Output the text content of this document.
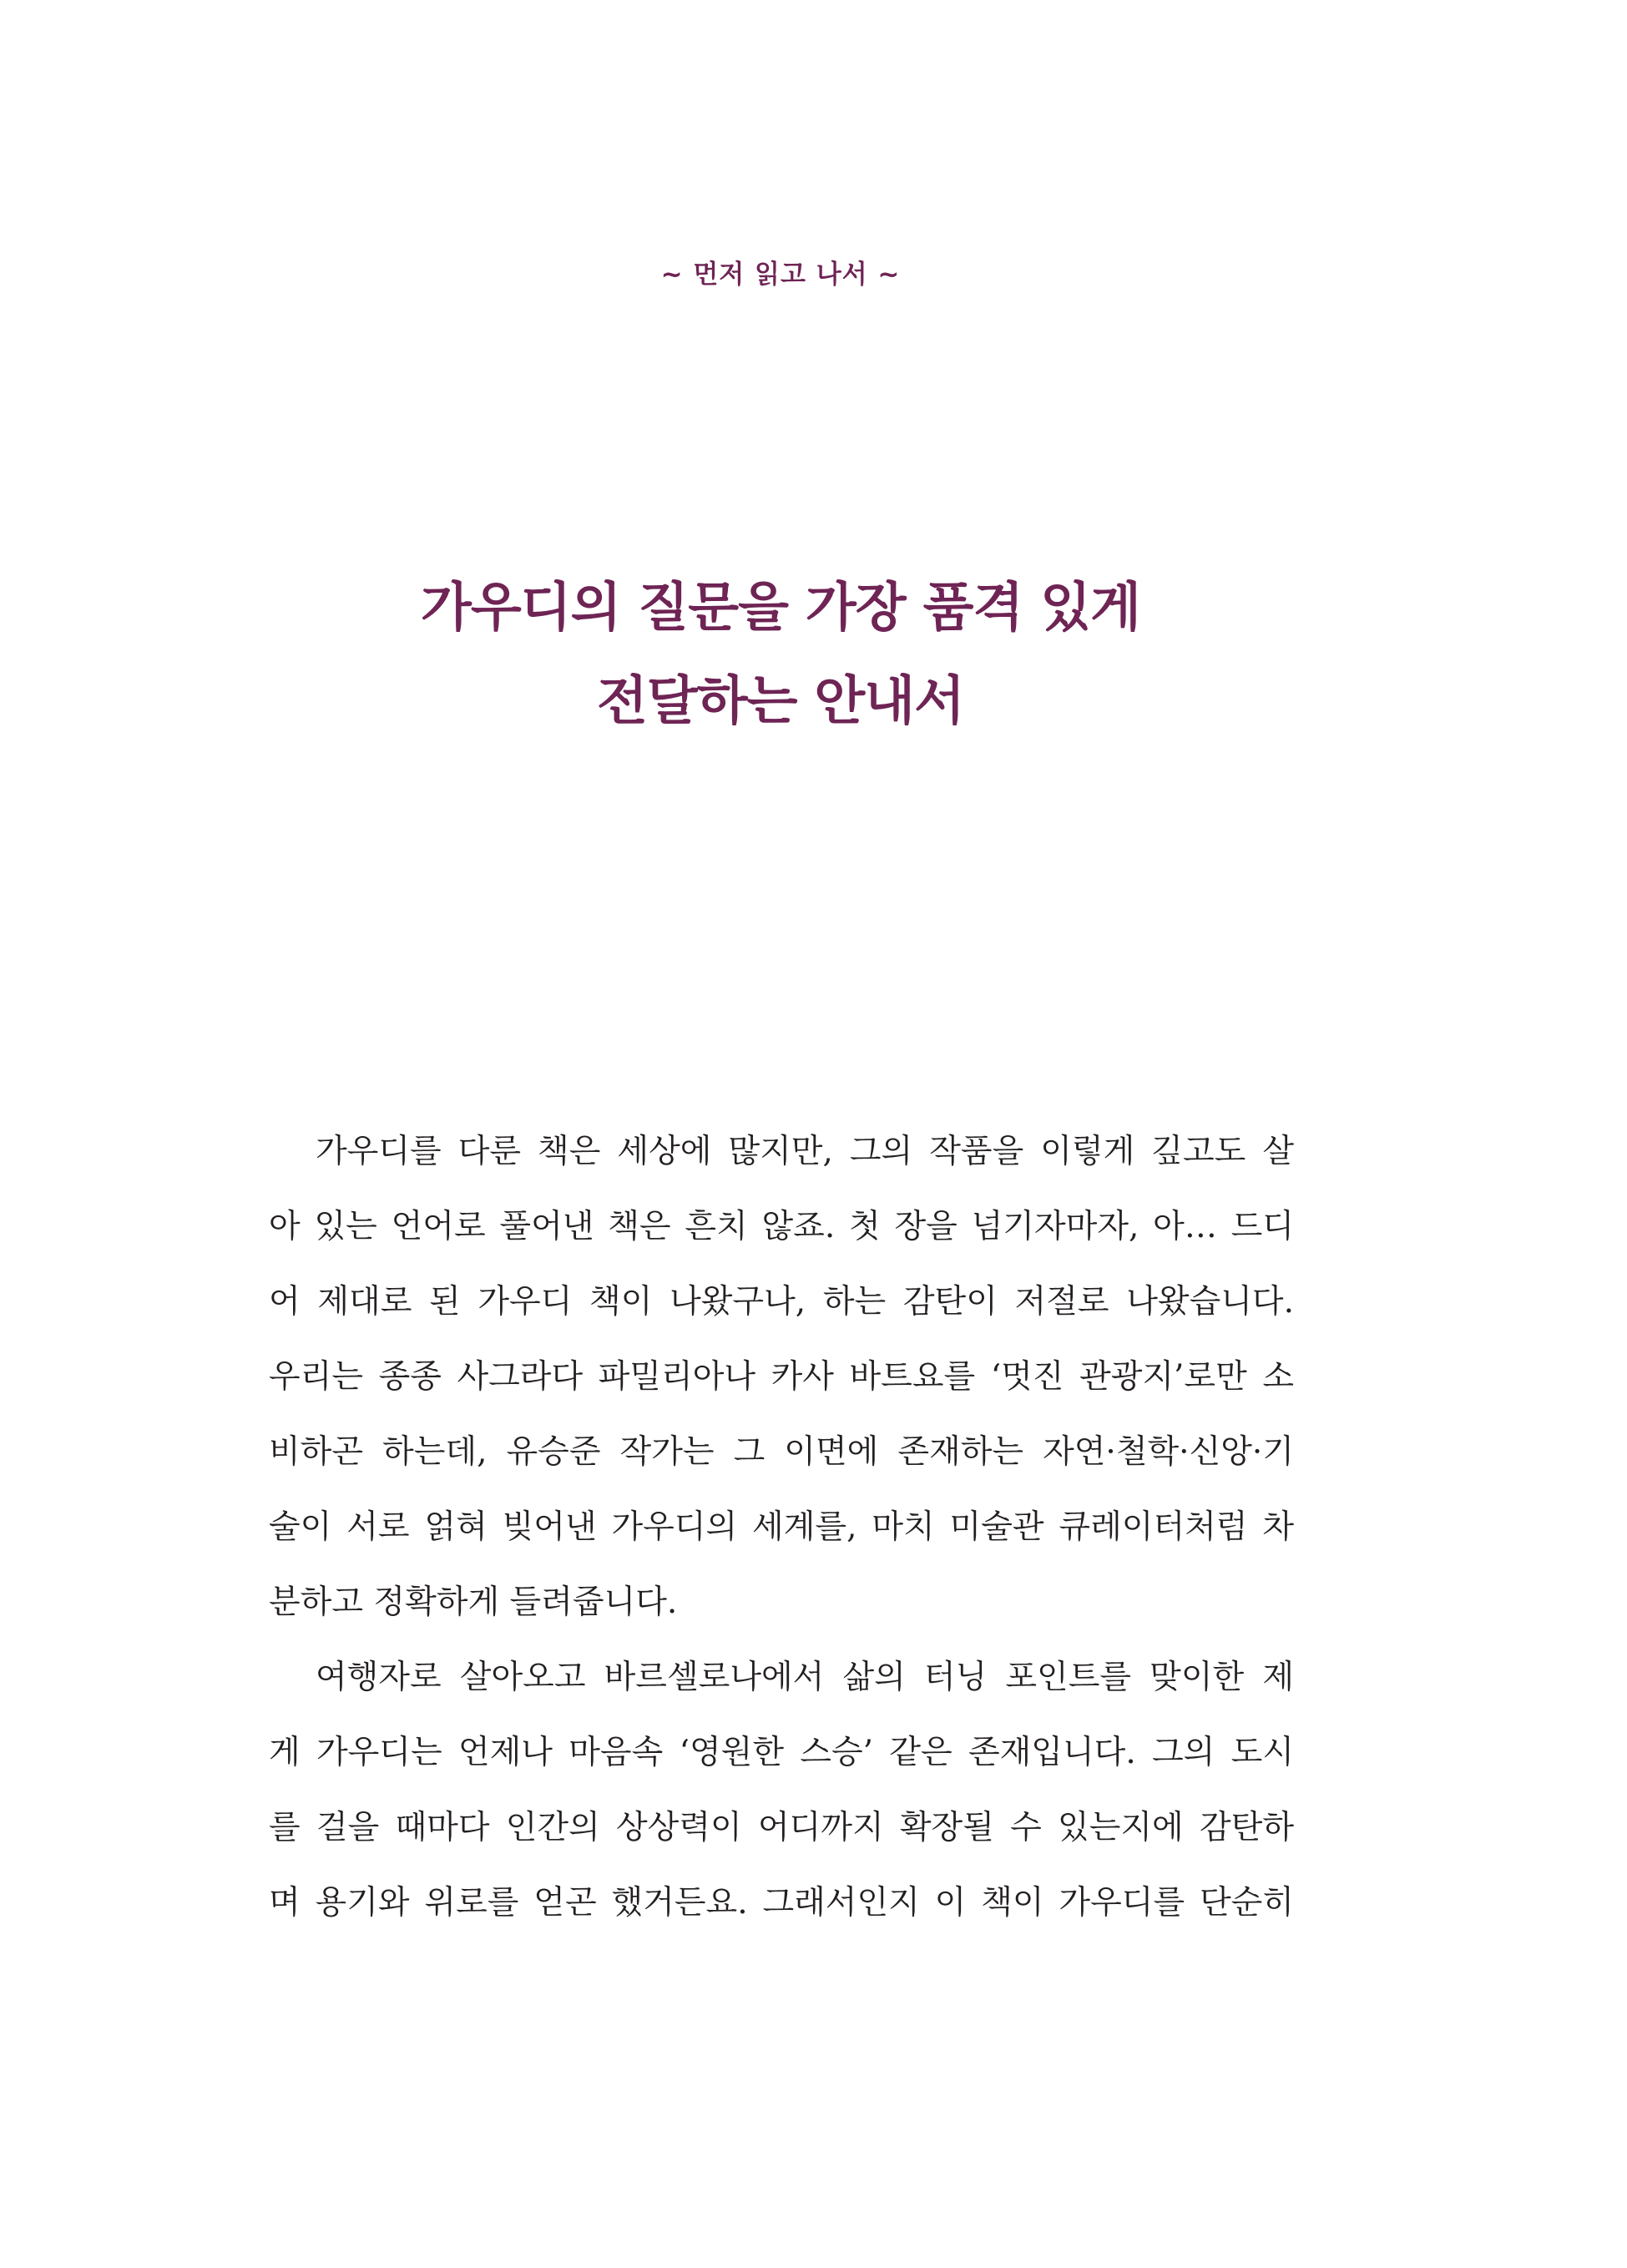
~ 먼저 읽고 나서 ~
가우디의 질문을 가장 품격 있게
전달하는 안내서
가우디를 다룬 책은 세상에 많지만, 그의 작품을 이렇게 깊고도 살
아 있는 언어로 풀어낸 책은 흔치 않죠. 첫 장을 넘기자마자, 아… 드디
어 제대로 된 가우디 책이 나왔구나, 하는 감탄이 저절로 나왔습니다.
우리는 종종 사그라다 파밀리아나 카사 바트요를 ‘멋진 관광지’로만 소
비하곤 하는데, 유승준 작가는 그 이면에 존재하는 자연·철학·신앙·기
술이 서로 얽혀 빚어낸 가우디의 세계를, 마치 미술관 큐레이터처럼 차
분하고 정확하게 들려줍니다.
여행자로 살아오고 바르셀로나에서 삶의 터닝 포인트를 맞이한 제
게 가우디는 언제나 마음속 ‘영원한 스승’ 같은 존재입니다. 그의 도시
를 걸을 때마다 인간의 상상력이 어디까지 확장될 수 있는지에 감탄하
며 용기와 위로를 얻곤 했거든요. 그래서인지 이 책이 가우디를 단순히
